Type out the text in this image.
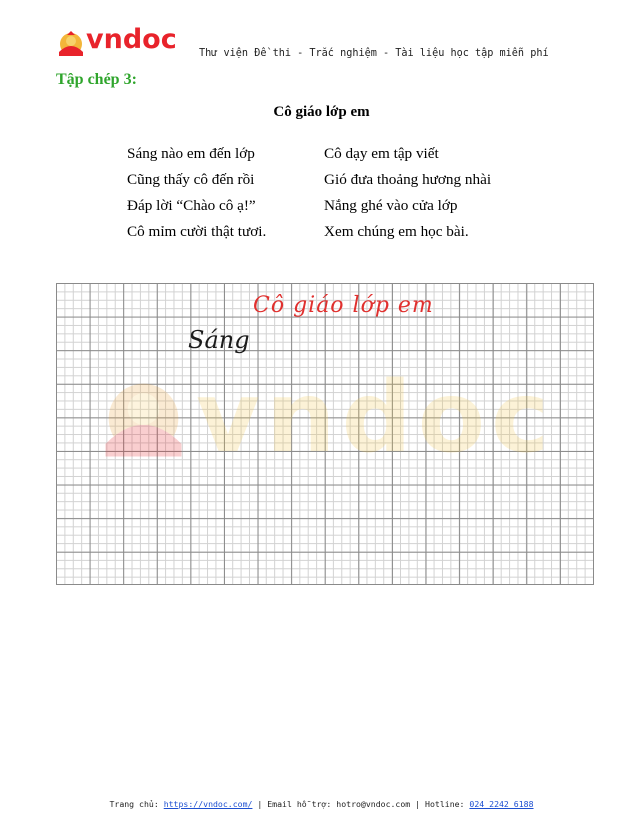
vndoc Thư viện Đề thi - Trắc nghiệm - Tài liệu học tập miễn phí
Tập chép 3:
Cô giáo lớp em
Sáng nào em đến lớp
Cũng thấy cô đến rồi
Đáp lời “Chào cô ạ!”
Cô mỉm cười thật tươi.
Cô dạy em tập viết
Gió đưa thoảng hương nhài
Nắng ghé vào cửa lớp
Xem chúng em học bài.
vndoc
Cô giáo lớp em
Sáng
Trang chủ: https://vndoc.com/ | Email hỗ trợ: hotro@vndoc.com | Hotline: 024 2242 6188
